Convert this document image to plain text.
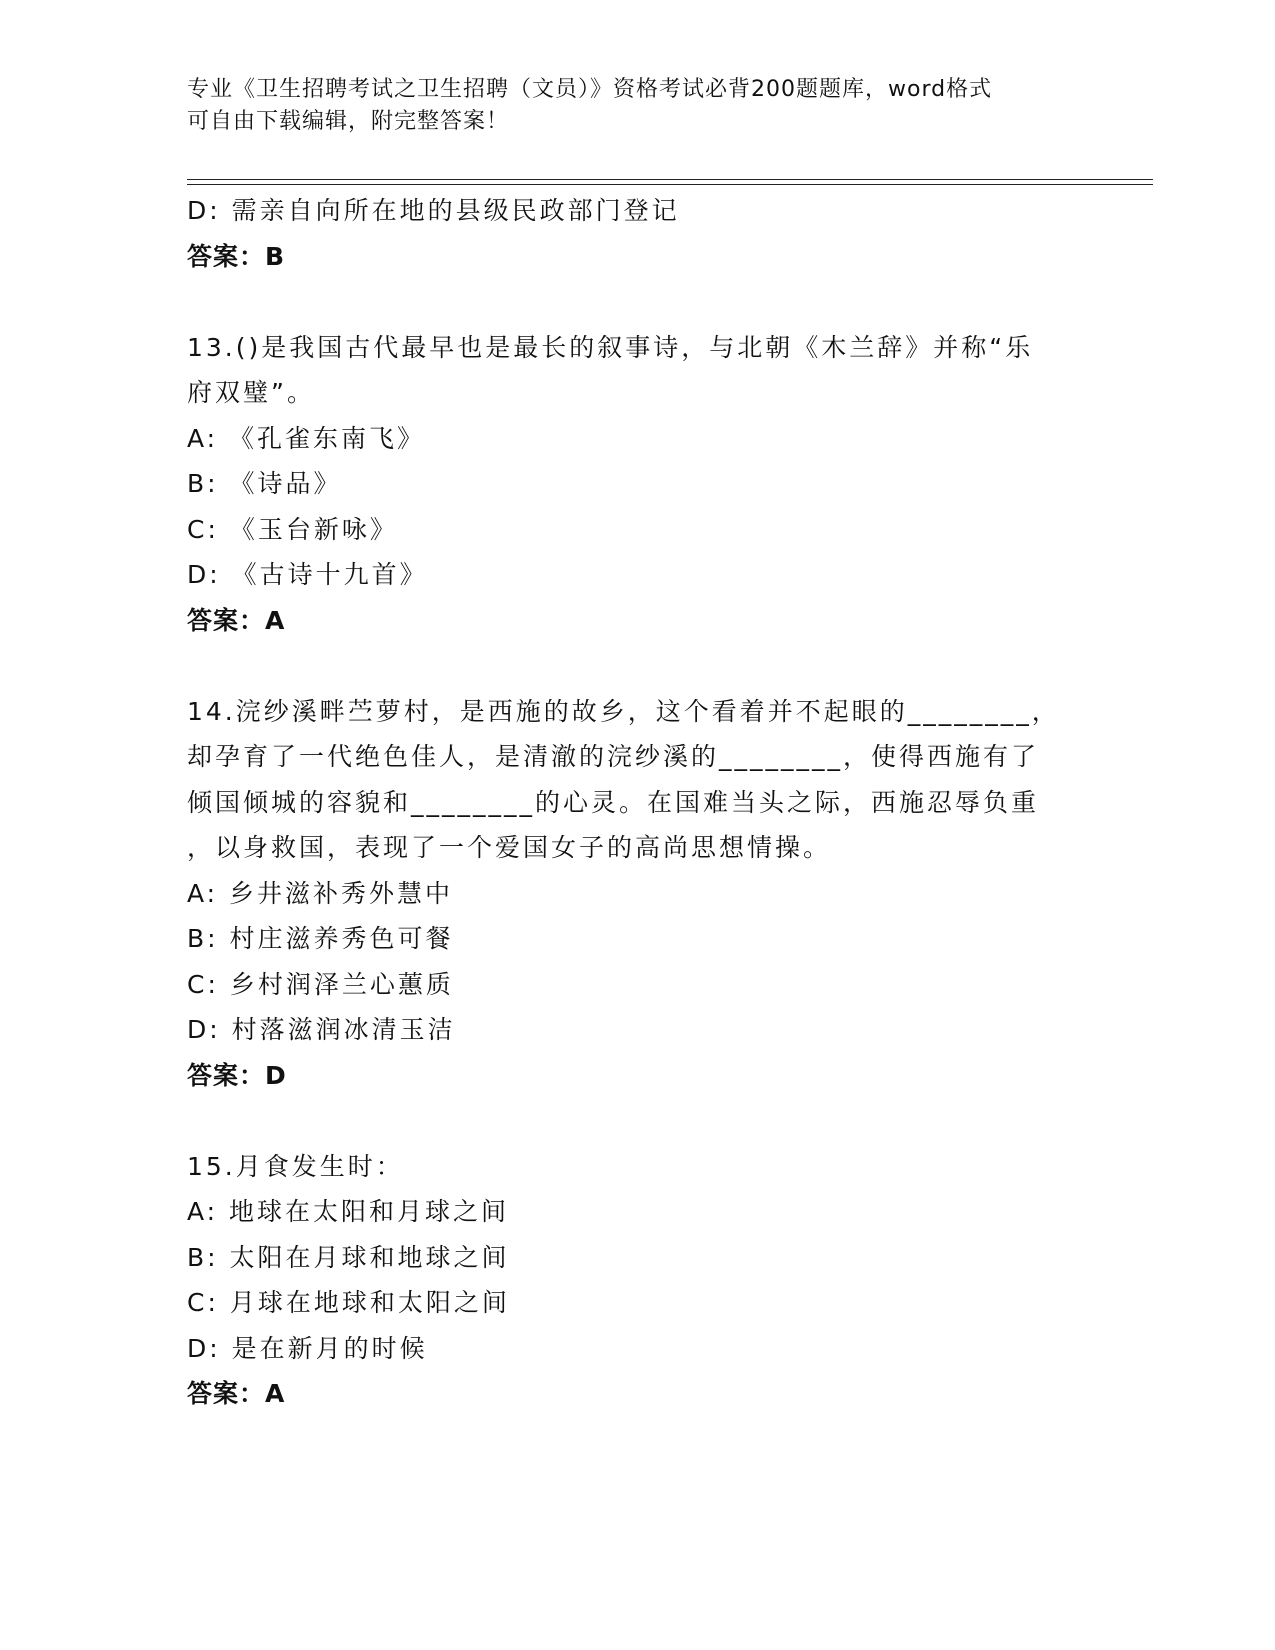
专业《卫生招聘考试之卫生招聘（文员）》资格考试必背200题题库，word格式
可自由下载编辑，附完整答案！
D: 需亲自向所在地的县级民政部门登记
答案：B
13.()是我国古代最早也是最长的叙事诗，与北朝《木兰辞》并称“乐
府双璧”。
A: 《孔雀东南飞》
B: 《诗品》
C: 《玉台新咏》
D: 《古诗十九首》
答案：A
14.浣纱溪畔苎萝村，是西施的故乡，这个看着并不起眼的________，
却孕育了一代绝色佳人，是清澈的浣纱溪的________，使得西施有了
倾国倾城的容貌和________的心灵。在国难当头之际，西施忍辱负重
，以身救国，表现了一个爱国女子的高尚思想情操。
A: 乡井滋补秀外慧中
B: 村庄滋养秀色可餐
C: 乡村润泽兰心蕙质
D: 村落滋润冰清玉洁
答案：D
15.月食发生时：
A: 地球在太阳和月球之间
B: 太阳在月球和地球之间
C: 月球在地球和太阳之间
D: 是在新月的时候
答案：A
